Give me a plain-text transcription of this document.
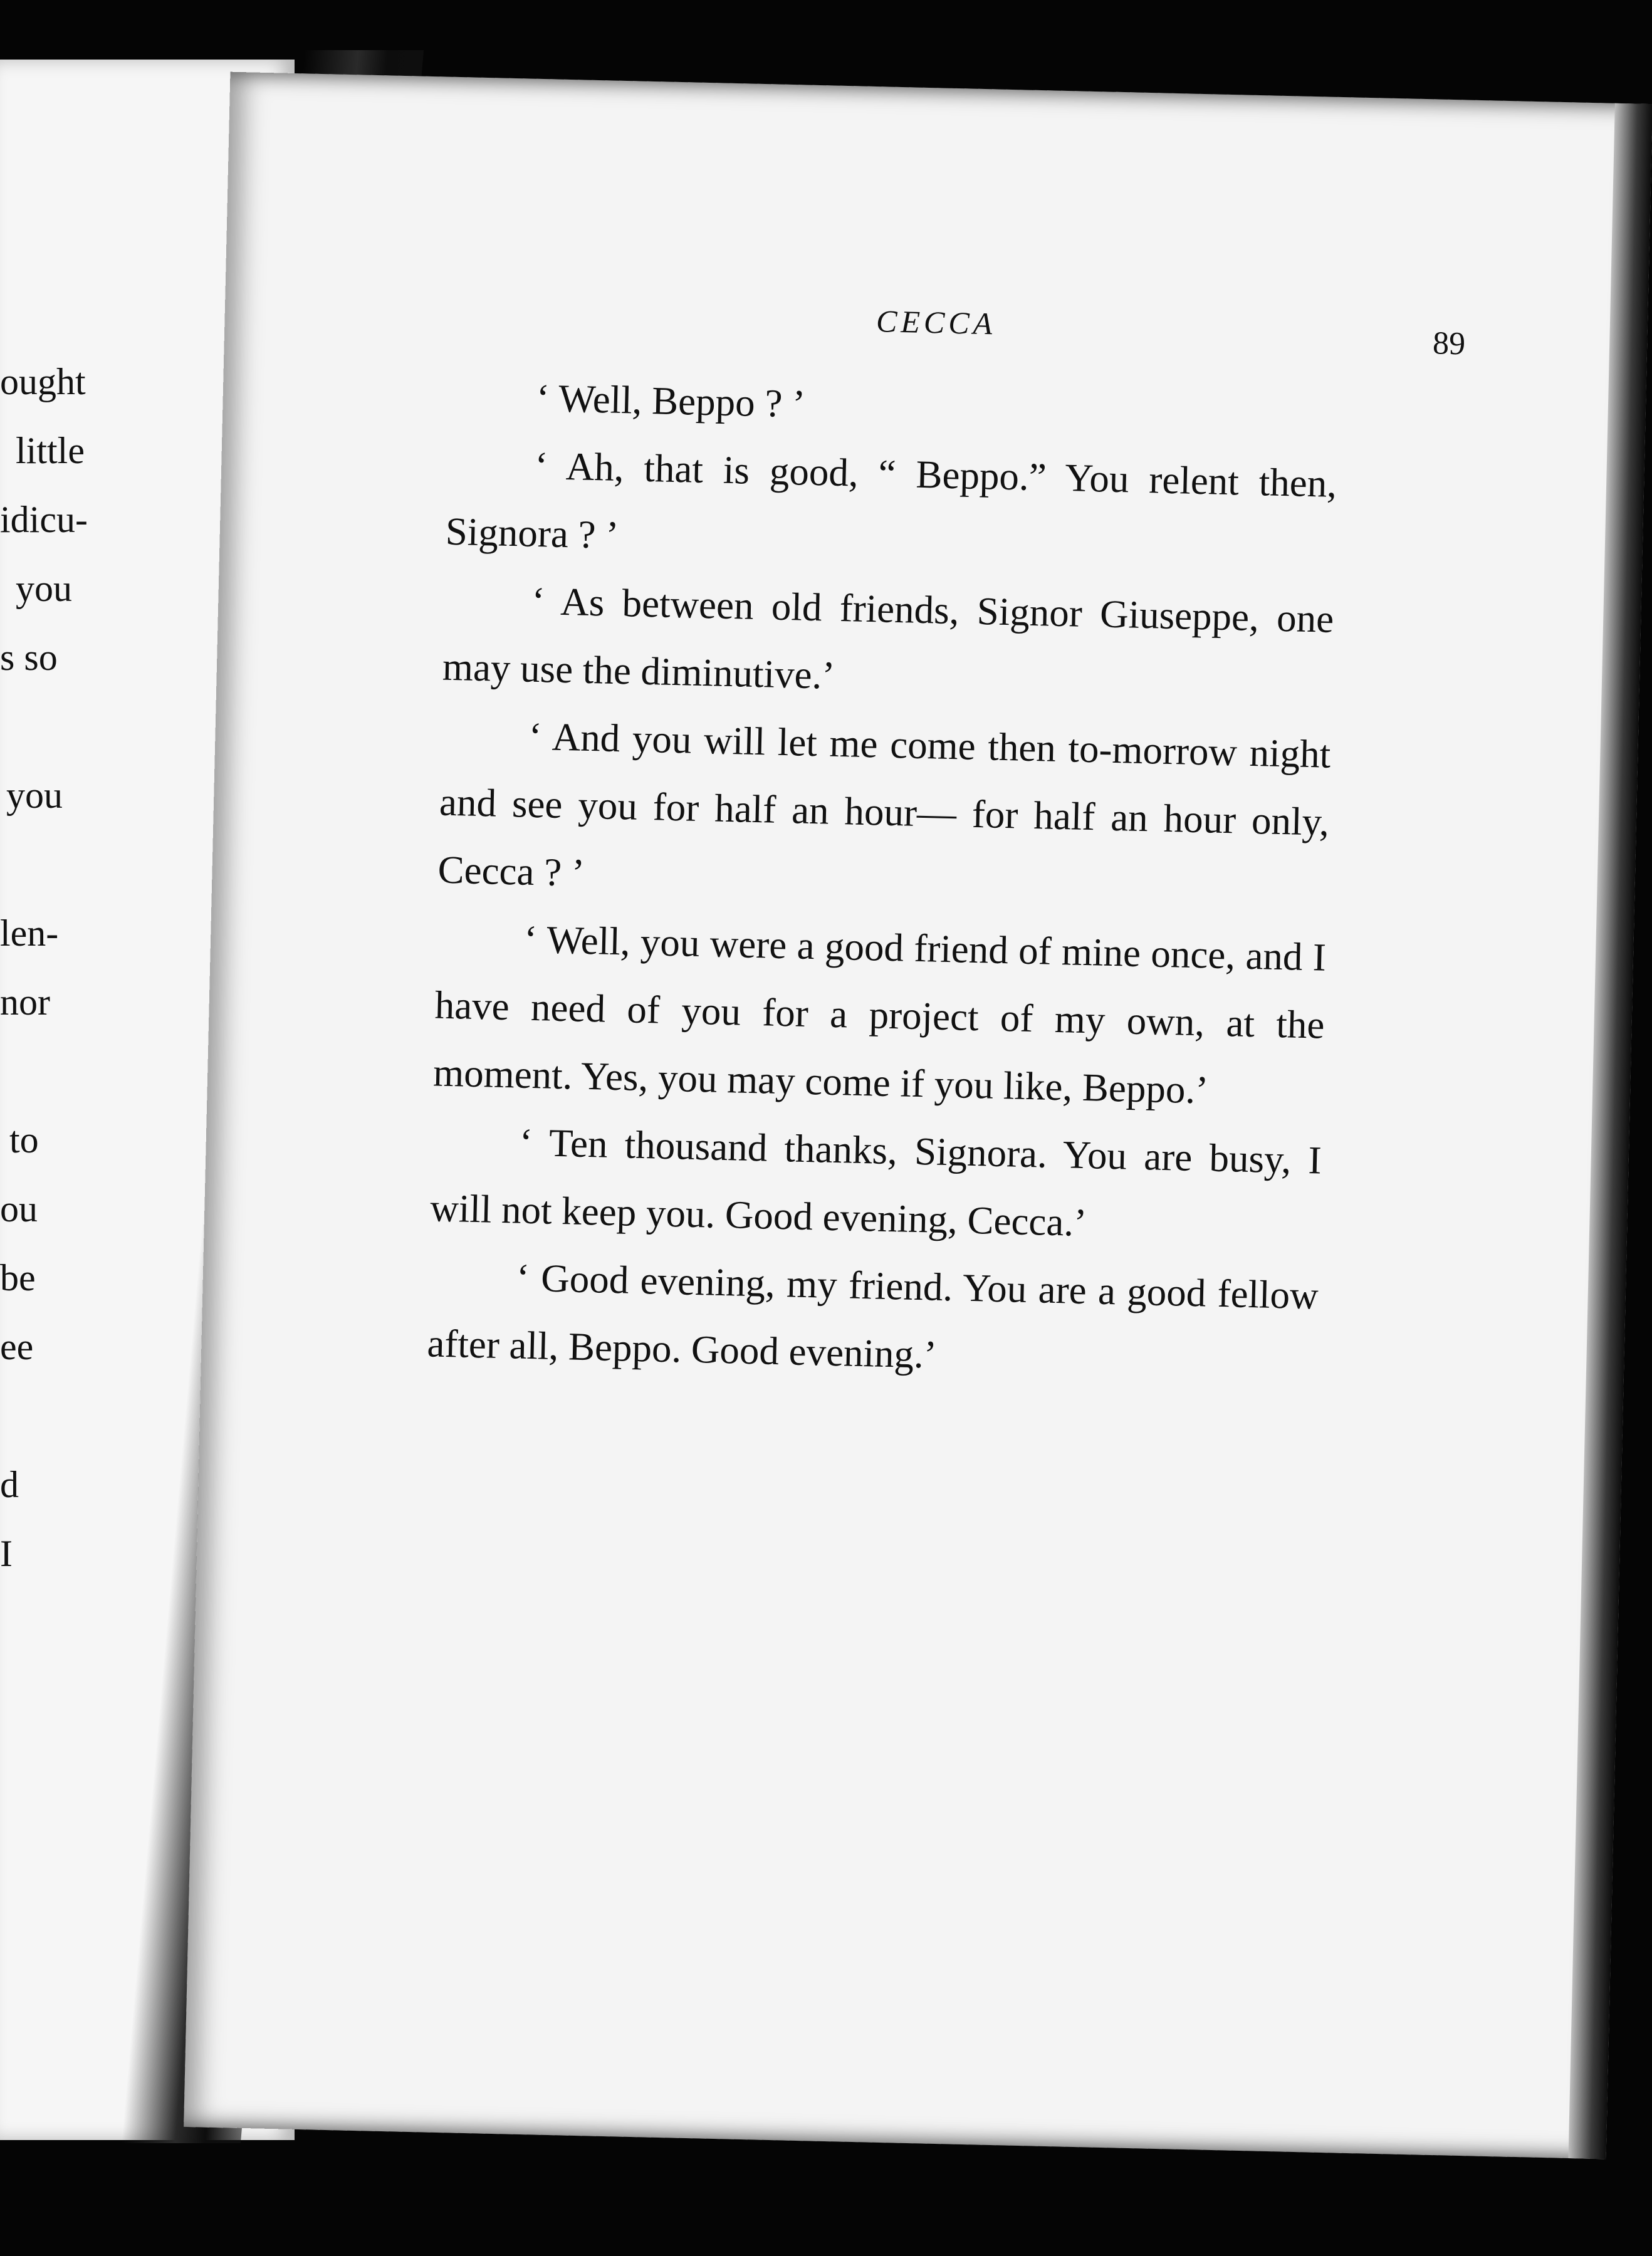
ought
little
idicu-
you
s so
you
len-
nor
to
ou
be
ee
d
I
CECCA
89

‘ Well, Beppo ? ’

‘ Ah, that is good, “ Beppo.” You relent then, Signora ? ’

‘ As between old friends, Signor Giuseppe, one may use the diminutive.’

‘ And you will let me come then to-morrow night and see you for half an hour— for half an hour only, Cecca ? ’

‘ Well, you were a good friend of mine once, and I have need of you for a project of my own, at the moment. Yes, you may come if you like, Beppo.’

‘ Ten thousand thanks, Signora. You are busy, I will not keep you. Good evening, Cecca.’

‘ Good evening, my friend. You are a good fellow after all, Beppo. Good evening.’
